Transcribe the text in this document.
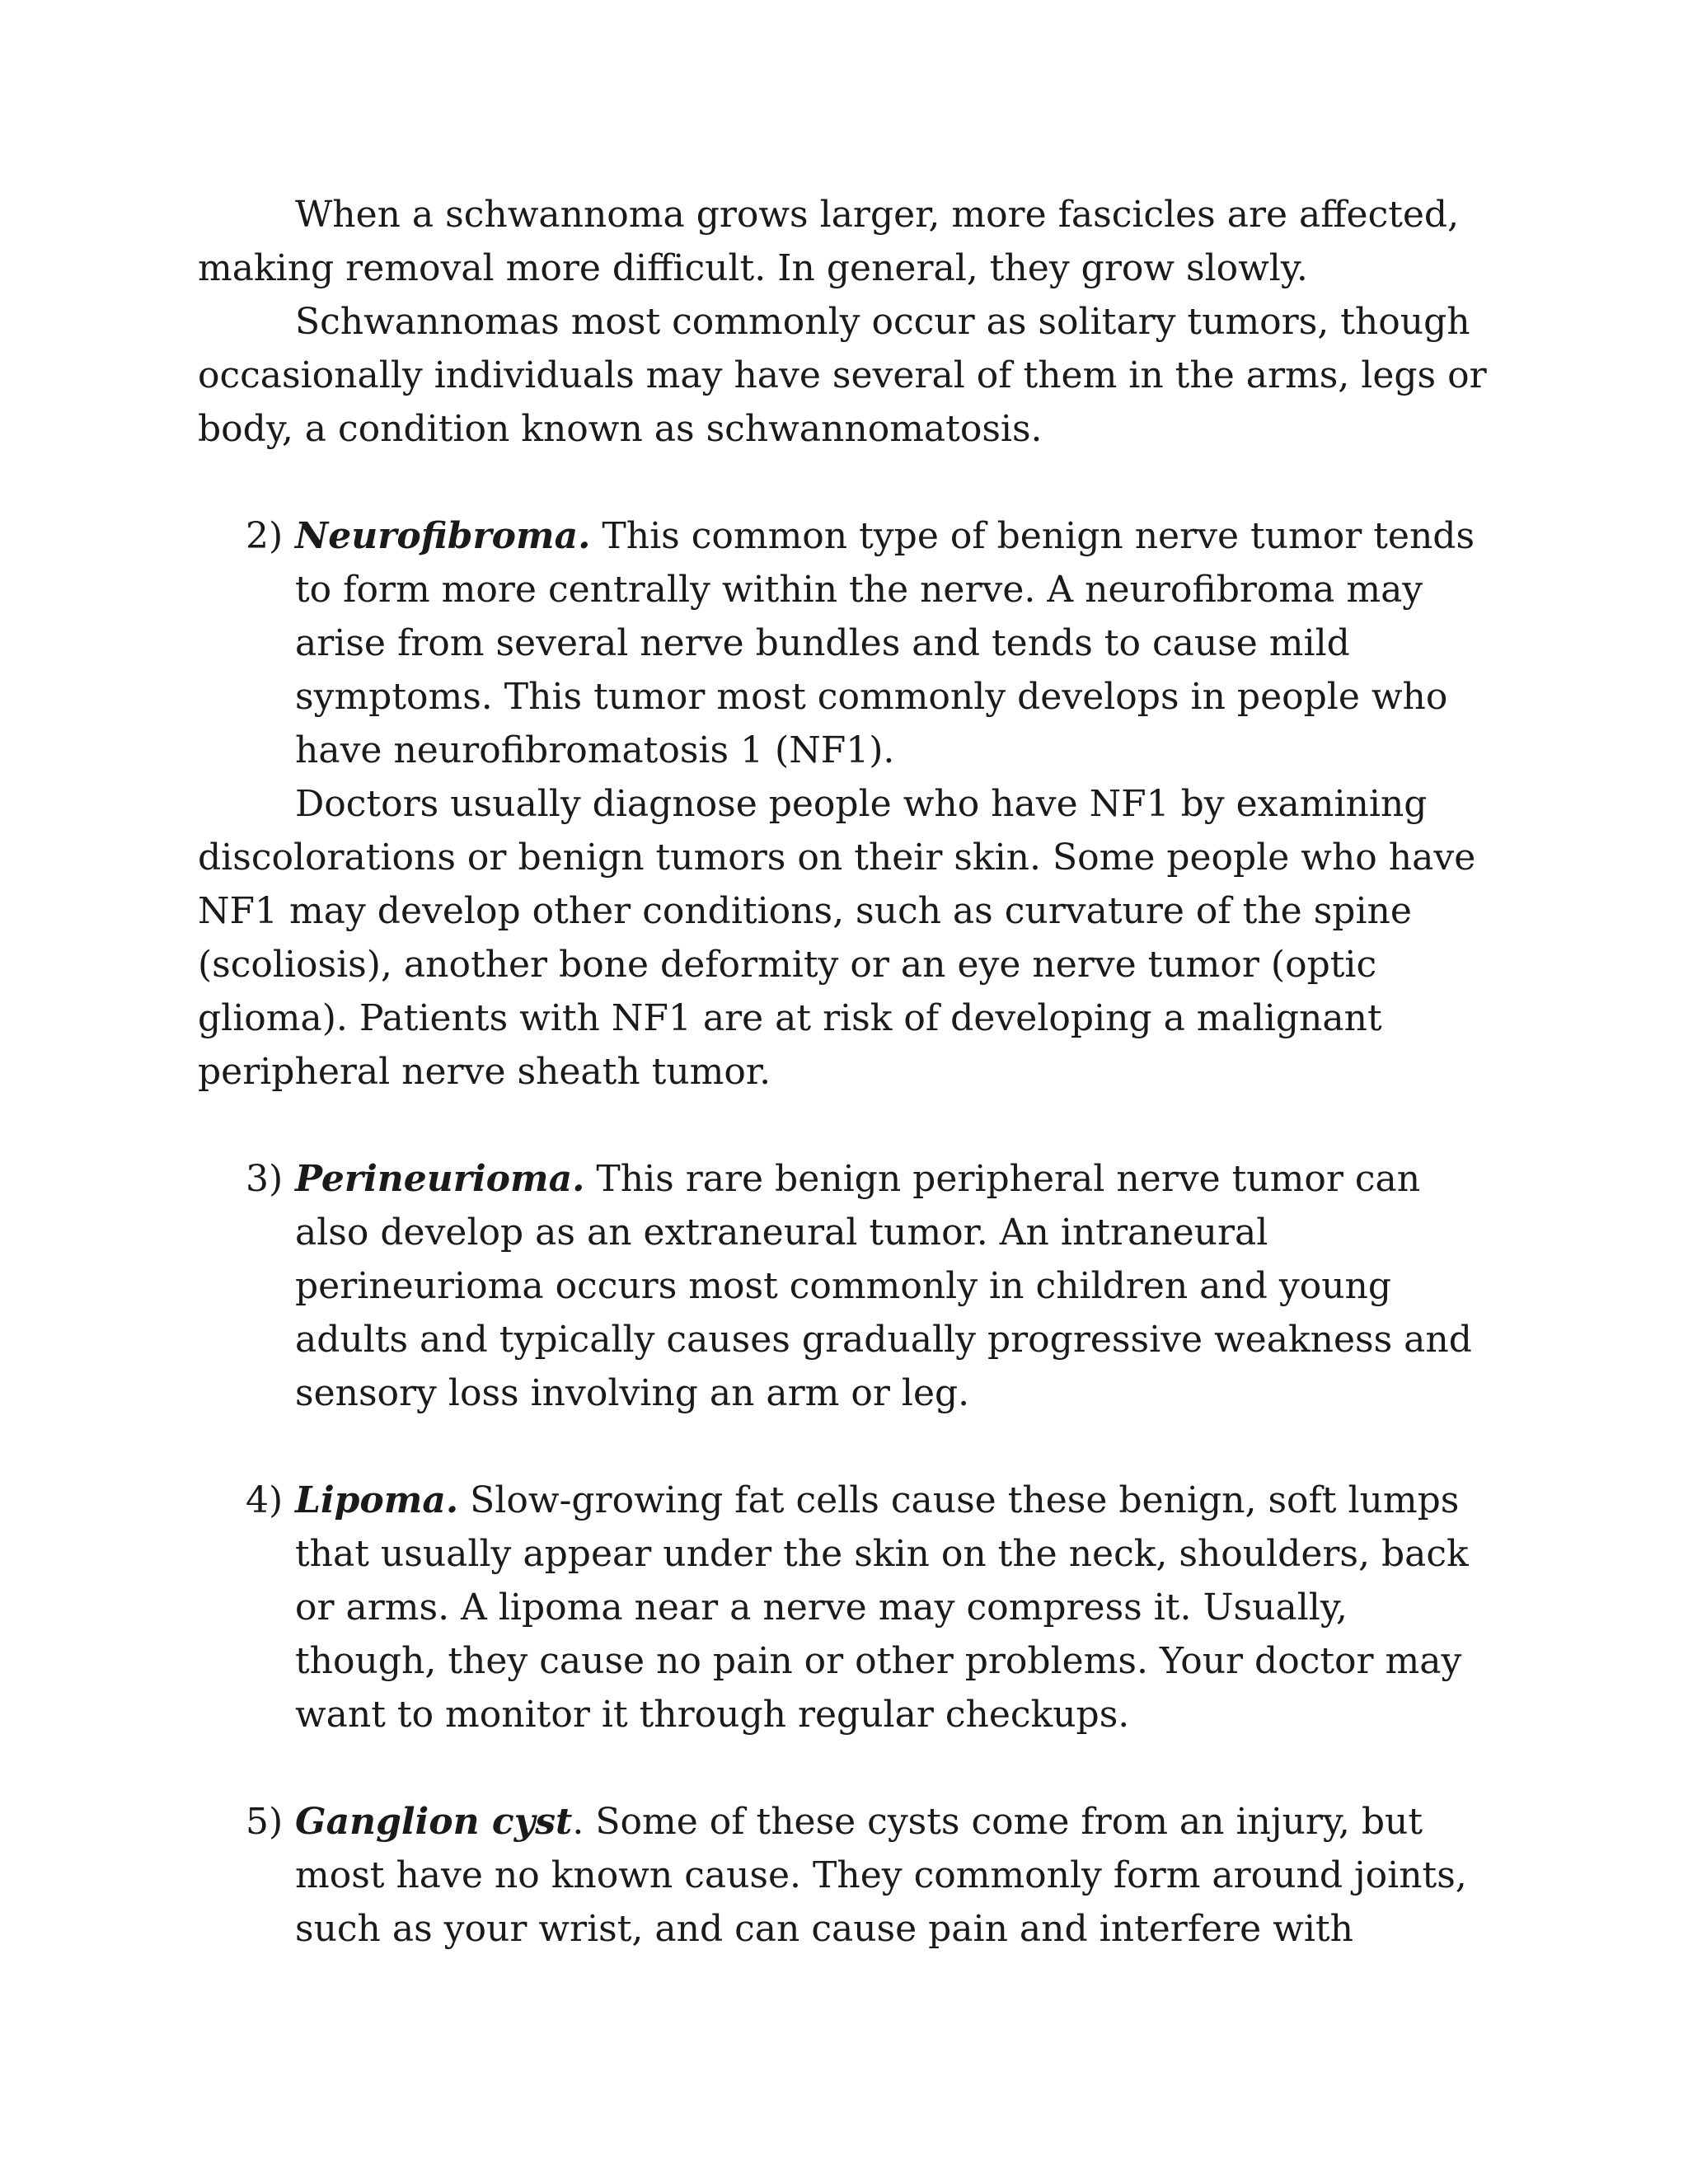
When a schwannoma grows larger, more fascicles are affected, making removal more difficult. In general, they grow slowly.

Schwannomas most commonly occur as solitary tumors, though occasionally individuals may have several of them in the arms, legs or body, a condition known as schwannomatosis.

2) Neurofibroma. This common type of benign nerve tumor tends to form more centrally within the nerve. A neurofibroma may arise from several nerve bundles and tends to cause mild symptoms. This tumor most commonly develops in people who have neurofibromatosis 1 (NF1).

Doctors usually diagnose people who have NF1 by examining discolorations or benign tumors on their skin. Some people who have NF1 may develop other conditions, such as curvature of the spine (scoliosis), another bone deformity or an eye nerve tumor (optic glioma). Patients with NF1 are at risk of developing a malignant peripheral nerve sheath tumor.

3) Perineurioma. This rare benign peripheral nerve tumor can also develop as an extraneural tumor. An intraneural perineurioma occurs most commonly in children and young adults and typically causes gradually progressive weakness and sensory loss involving an arm or leg.
4) Lipoma. Slow-growing fat cells cause these benign, soft lumps that usually appear under the skin on the neck, shoulders, back or arms. A lipoma near a nerve may compress it. Usually, though, they cause no pain or other problems. Your doctor may want to monitor it through regular checkups.
5) Ganglion cyst. Some of these cysts come from an injury, but most have no known cause. They commonly form around joints, such as your wrist, and can cause pain and interfere with
